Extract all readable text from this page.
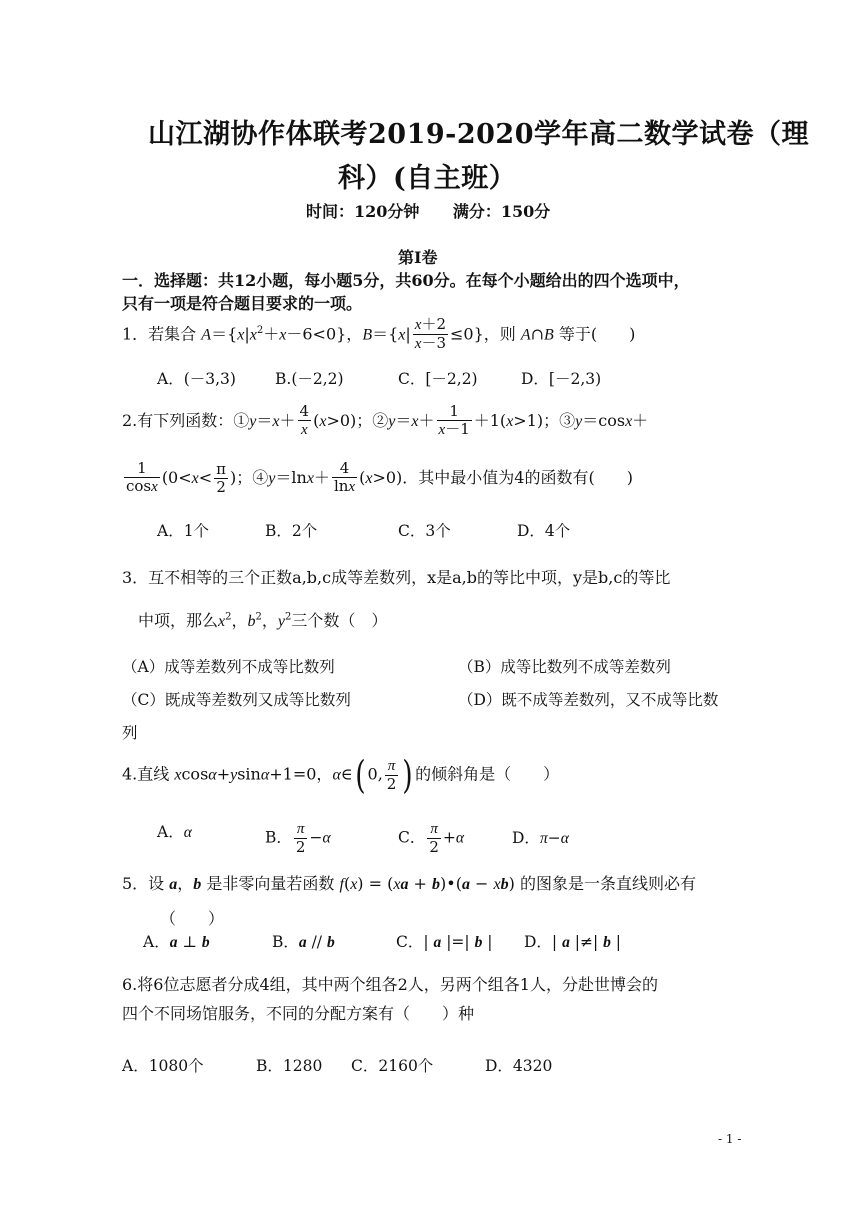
山江湖协作体联考2019-2020学年高二数学试卷（理
科）(自主班）
时间：120分钟      满分：150分
第Ⅰ卷
一．选择题：共12小题，每小题5分，共60分。在每个小题给出的四个选项中，
只有一项是符合题目要求的一项。
1．若集合 $A=\{x|x^2+x-6<0\}$，$B=\{x| \frac{x+2}{x-3} \le 0\}$，则 A∩B 等于(　　)
A．(－3,3)	B.(－2,2)	C．[－2,2)	D．[－2,3)
2.有下列函数：①y＝x＋ $\frac{4}{x} (x>0)$；②y＝x＋ $\frac{1}{x-1} +1(x>1)$；③y＝cosx＋
$\frac{1}{\cos x} (0<x< \frac{\pi}{2}$ )；④y＝lnx＋ $\frac{4}{\ln x} (x>0)$．其中最小值为4的函数有(　　)
A．1个	B．2个	C．3个	D．4个
3．互不相等的三个正数a,b,c成等差数列，x是a,b的等比中项，y是b,c的等比
中项，那么$x^2$，$b^2$，$y^2$三个数（　）
（A）成等差数列不成等比数列	（B）成等比数列不成等差数列
（C）既成等差数列又成等比数列	（D）既不成等差数列，又不成等比数
列
4.直线 xcosα+ysinα+1=0，α∈( 0, $\frac{\pi}{2}$ ) 的倾斜角是（　　）
A．α	B． $\frac{\pi}{2} -\alpha$	C． $\frac{\pi}{2} +\alpha$	D．π−α
5．设 a，b 是非零向量若函数 f(x) = (xa + b)•(a − xb) 的图象是一条直线则必有
（　　）
A．a ⊥ b	B．a // b	C．| a |=| b | D．| a |≠| b |
6.将6位志愿者分成4组，其中两个组各2人，另两个组各1人，分赴世博会的
四个不同场馆服务，不同的分配方案有（　　）种
A．1080个	B．1280 C．2160个	D．4320
- 1 -
